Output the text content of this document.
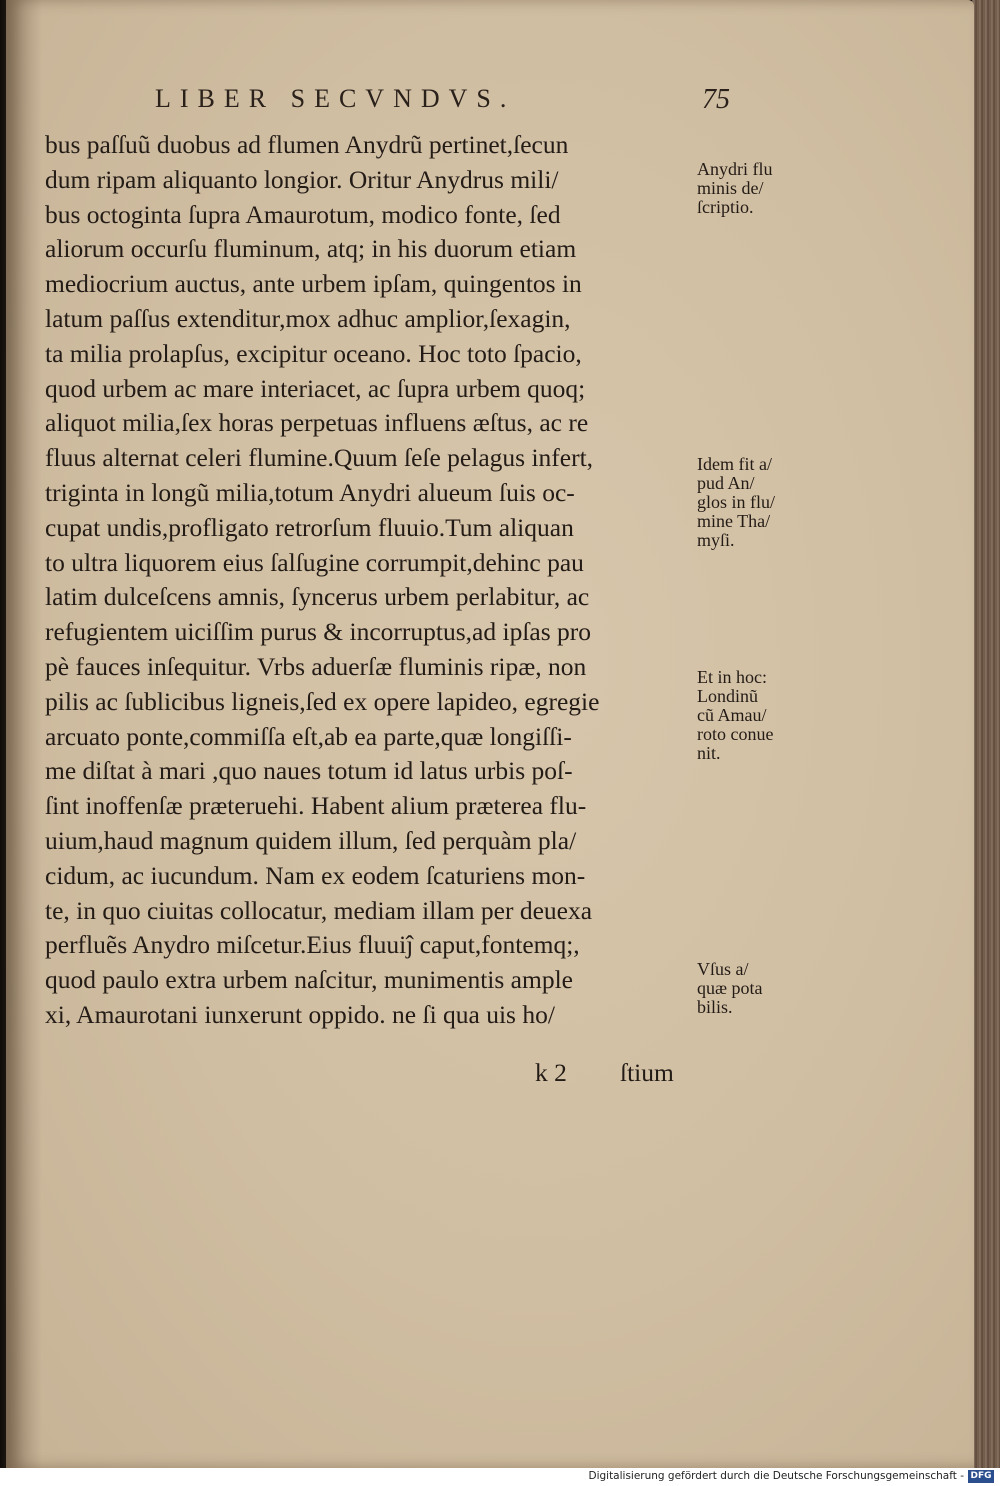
LIBER SECVNDVS.	75
bus paſſuũ duobus ad flumen Anydrũ pertinet,ſecun
dum ripam aliquanto longior. Oritur Anydrus mili/
bus octoginta ſupra Amaurotum, modico fonte, ſed
aliorum occurſu fluminum, atq; in his duorum etiam
mediocrium auctus, ante urbem ipſam, quingentos in
latum paſſus extenditur,mox adhuc amplior,ſexagin,
ta milia prolapſus, excipitur oceano. Hoc toto ſpacio,
quod urbem ac mare interiacet, ac ſupra urbem quoq;
aliquot milia,ſex horas perpetuas influens æſtus, ac re
fluus alternat celeri flumine.Quum ſeſe pelagus infert,
triginta in longũ milia,totum Anydri alueum ſuis oc-
cupat undis,profligato retrorſum fluuio.Tum aliquan
to ultra liquorem eius ſalſugine corrumpit,dehinc pau
latim dulceſcens amnis, ſyncerus urbem perlabitur, ac
refugientem uiciſſim purus & incorruptus,ad ipſas pro
pè fauces inſequitur. Vrbs aduerſæ fluminis ripæ, non
pilis ac ſublicibus ligneis,ſed ex opere lapideo, egregie
arcuato ponte,commiſſa eſt,ab ea parte,quæ longiſſi-
me diſtat à mari ,quo naues totum id latus urbis poſ-
ſint inoffenſæ præteruehi. Habent alium præterea flu-
uium,haud magnum quidem illum, ſed perquàm pla/
cidum, ac iucundum. Nam ex eodem ſcaturiens mon-
te, in quo ciuitas collocatur, mediam illam per deuexa
perfluẽs Anydro miſcetur.Eius fluuiĵ caput,fontemq;,
quod paulo extra urbem naſcitur, munimentis ample
xi, Amaurotani iunxerunt oppido. ne ſi qua uis ho/
k 2 ſtium
Anydri flu
minis de/
ſcriptio.
Idem fit a/
pud An/
glos in flu/
mine Tha/
myſi.
Et in hoc:
Londinũ
cũ Amau/
roto conue
nit.
Vſus a/
quæ pota
bilis.
Digitalisierung gefördert durch die Deutsche Forschungsgemeinschaft - DFG
